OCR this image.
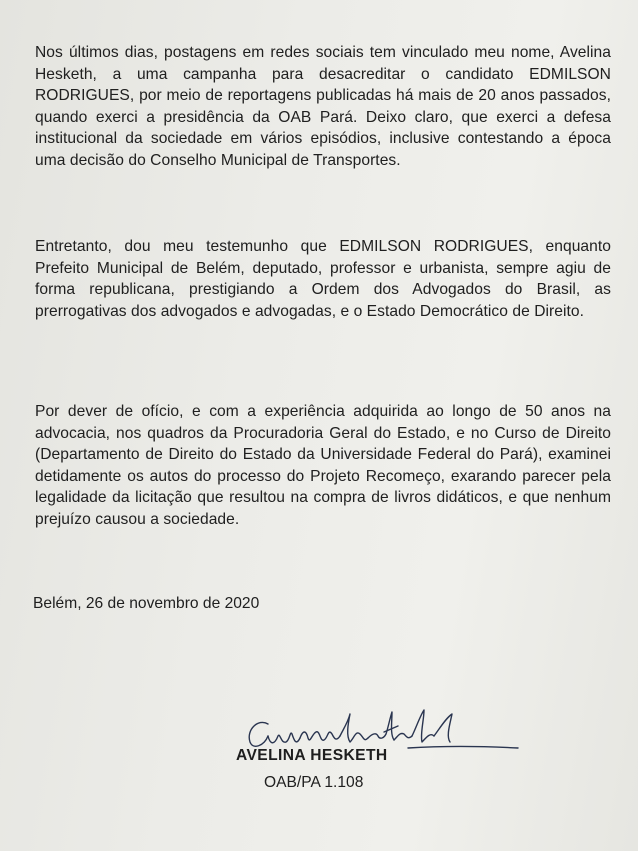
Nos últimos dias, postagens em redes sociais tem vinculado meu nome, Avelina Hesketh, a uma campanha para desacreditar o candidato EDMILSON RODRIGUES, por meio de reportagens publicadas há mais de 20 anos passados, quando exerci a presidência da OAB Pará. Deixo claro, que exerci a defesa institucional da sociedade em vários episódios, inclusive contestando a época uma decisão do Conselho Municipal de Transportes.

Entretanto, dou meu testemunho que EDMILSON RODRIGUES, enquanto Prefeito Municipal de Belém, deputado, professor e urbanista, sempre agiu de forma republicana, prestigiando a Ordem dos Advogados do Brasil, as prerrogativas dos advogados e advogadas, e o Estado Democrático de Direito.

Por dever de ofício, e com a experiência adquirida ao longo de 50 anos na advocacia, nos quadros da Procuradoria Geral do Estado, e no Curso de Direito (Departamento de Direito do Estado da Universidade Federal do Pará), examinei detidamente os autos do processo do Projeto Recomeço, exarando parecer pela legalidade da licitação que resultou na compra de livros didáticos, e que nenhum prejuízo causou a sociedade.

Belém, 26 de novembro de 2020

AVELINA HESKETH

OAB/PA 1.108
